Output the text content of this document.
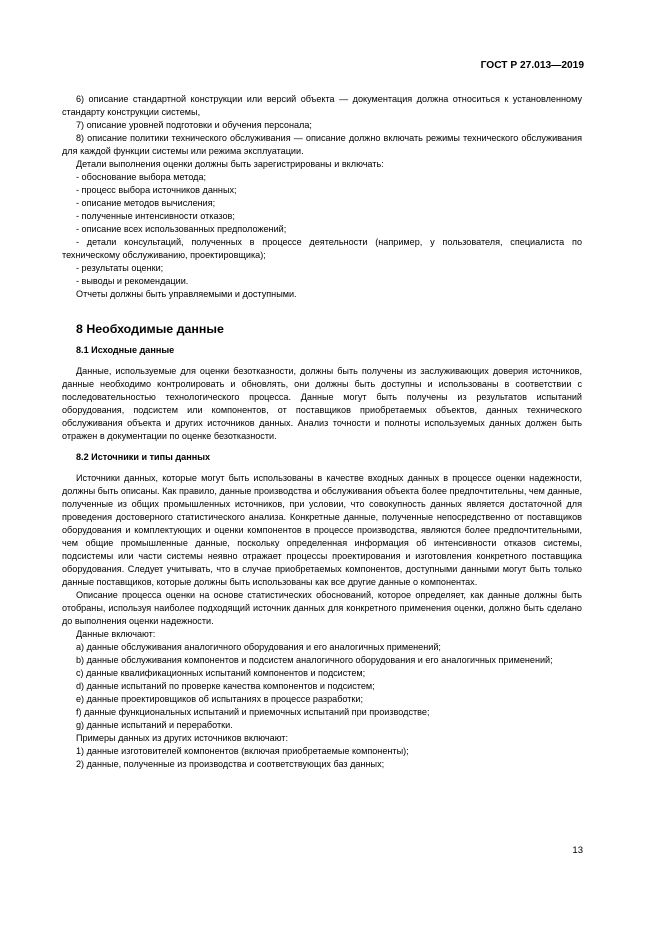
ГОСТ Р 27.013—2019

6) описание стандартной конструкции или версий объекта — документация должна относиться к установленному стандарту конструкции системы,

7) описание уровней подготовки и обучения персонала;

8) описание политики технического обслуживания — описание должно включать режимы технического обслуживания для каждой функции системы или режима эксплуатации.

Детали выполнения оценки должны быть зарегистрированы и включать:

- обоснование выбора метода;

- процесс выбора источников данных;

- описание методов вычисления;

- полученные интенсивности отказов;

- описание всех использованных предположений;

- детали консультаций, полученных в процессе деятельности (например, у пользователя, специалиста по техническому обслуживанию, проектировщика);

- результаты оценки;

- выводы и рекомендации.

Отчеты должны быть управляемыми и доступными.

8 Необходимые данные
8.1 Исходные данные

Данные, используемые для оценки безотказности, должны быть получены из заслуживающих доверия источников, данные необходимо контролировать и обновлять, они должны быть доступны и использованы в соответствии с последовательностью технологического процесса. Данные могут быть получены из результатов испытаний оборудования, подсистем или компонентов, от поставщиков приобретаемых объектов, данных технического обслуживания объекта и других источников данных. Анализ точности и полноты используемых данных должен быть отражен в документации по оценке безотказности.

8.2 Источники и типы данных

Источники данных, которые могут быть использованы в качестве входных данных в процессе оценки надежности, должны быть описаны. Как правило, данные производства и обслуживания объекта более предпочтительны, чем данные, полученные из общих промышленных источников, при условии, что совокупность данных является достаточной для проведения достоверного статистического анализа. Конкретные данные, полученные непосредственно от поставщиков оборудования и комплектующих и оценки компонентов в процессе производства, являются более предпочтительными, чем общие промышленные данные, поскольку определенная информация об интенсивности отказов системы, подсистемы или части системы неявно отражает процессы проектирования и изготовления конкретного поставщика оборудования. Следует учитывать, что в случае приобретаемых компонентов, доступными данными могут быть только данные поставщиков, которые должны быть использованы как все другие данные о компонентах.

Описание процесса оценки на основе статистических обоснований, которое определяет, как данные должны быть отобраны, используя наиболее подходящий источник данных для конкретного применения оценки, должно быть сделано до выполнения оценки надежности.

Данные включают:

a) данные обслуживания аналогичного оборудования и его аналогичных применений;

b) данные обслуживания компонентов и подсистем аналогичного оборудования и его аналогичных применений;

c) данные квалификационных испытаний компонентов и подсистем;

d) данные испытаний по проверке качества компонентов и подсистем;

e) данные проектировщиков об испытаниях в процессе разработки;

f) данные функциональных испытаний и приемочных испытаний при производстве;

g) данные испытаний и переработки.

Примеры данных из других источников включают:

1) данные изготовителей компонентов (включая приобретаемые компоненты);

2) данные, полученные из производства и соответствующих баз данных;

13
